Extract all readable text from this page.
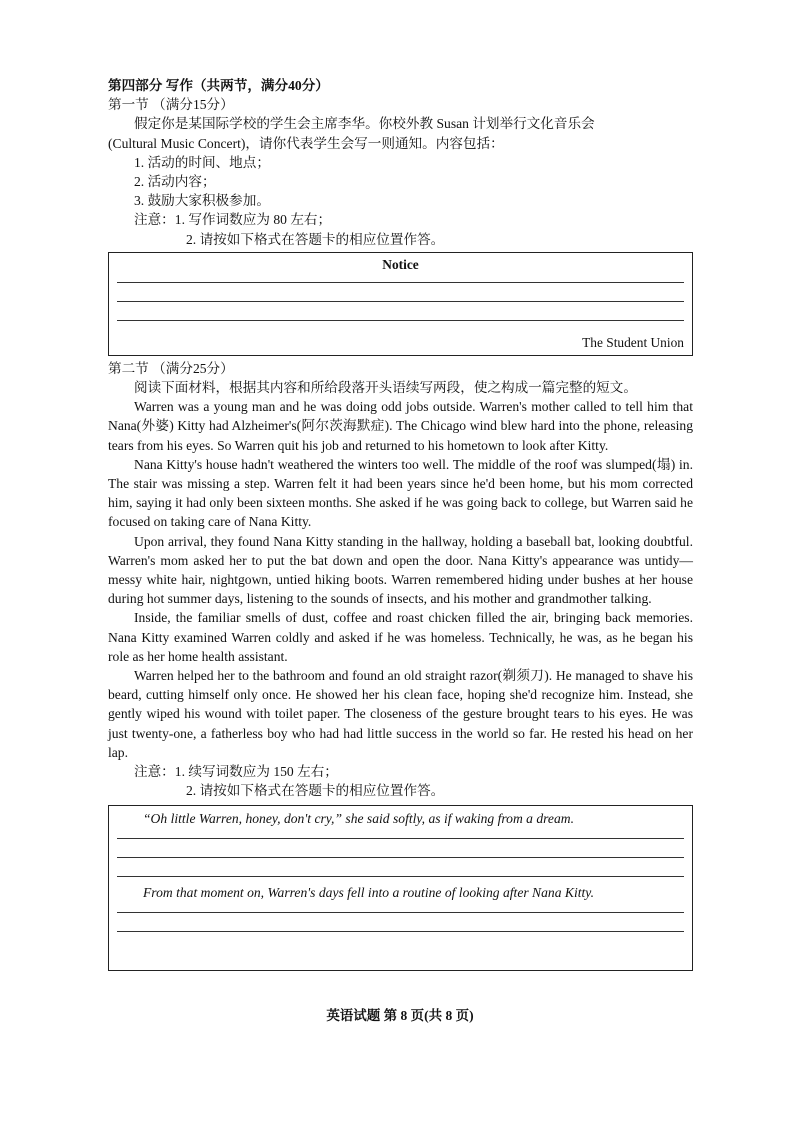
第四部分 写作（共两节，满分40分）
第一节 （满分15分）
假定你是某国际学校的学生会主席李华。你校外教 Susan 计划举行文化音乐会
(Cultural Music Concert)，请你代表学生会写一则通知。内容包括：
1. 活动的时间、地点；
2. 活动内容；
3. 鼓励大家积极参加。
注意：1. 写作词数应为 80 左右；
2. 请按如下格式在答题卡的相应位置作答。
Notice
The Student Union
第二节 （满分25分）
阅读下面材料，根据其内容和所给段落开头语续写两段，使之构成一篇完整的短文。

Warren was a young man and he was doing odd jobs outside. Warren's mother called to tell him that Nana(外婆) Kitty had Alzheimer's(阿尔茨海默症). The Chicago wind blew hard into the phone, releasing tears from his eyes. So Warren quit his job and returned to his hometown to look after Kitty.

Nana Kitty's house hadn't weathered the winters too well. The middle of the roof was slumped(塌) in. The stair was missing a step. Warren felt it had been years since he'd been home, but his mom corrected him, saying it had only been sixteen months. She asked if he was going back to college, but Warren said he focused on taking care of Nana Kitty.

Upon arrival, they found Nana Kitty standing in the hallway, holding a baseball bat, looking doubtful. Warren's mom asked her to put the bat down and open the door. Nana Kitty's appearance was untidy—messy white hair, nightgown, untied hiking boots. Warren remembered hiding under bushes at her house during hot summer days, listening to the sounds of insects, and his mother and grandmother talking.

Inside, the familiar smells of dust, coffee and roast chicken filled the air, bringing back memories. Nana Kitty examined Warren coldly and asked if he was homeless. Technically, he was, as he began his role as her home health assistant.

Warren helped her to the bathroom and found an old straight razor(剃须刀). He managed to shave his beard, cutting himself only once. He showed her his clean face, hoping she'd recognize him. Instead, she gently wiped his wound with toilet paper. The closeness of the gesture brought tears to his eyes. He was just twenty-one, a fatherless boy who had had little success in the world so far. He rested his head on her lap.

注意：1. 续写词数应为 150 左右；
2. 请按如下格式在答题卡的相应位置作答。
“Oh little Warren, honey, don't cry,” she said softly, as if waking from a dream.
From that moment on, Warren's days fell into a routine of looking after Nana Kitty.
英语试题 第 8 页(共 8 页)
